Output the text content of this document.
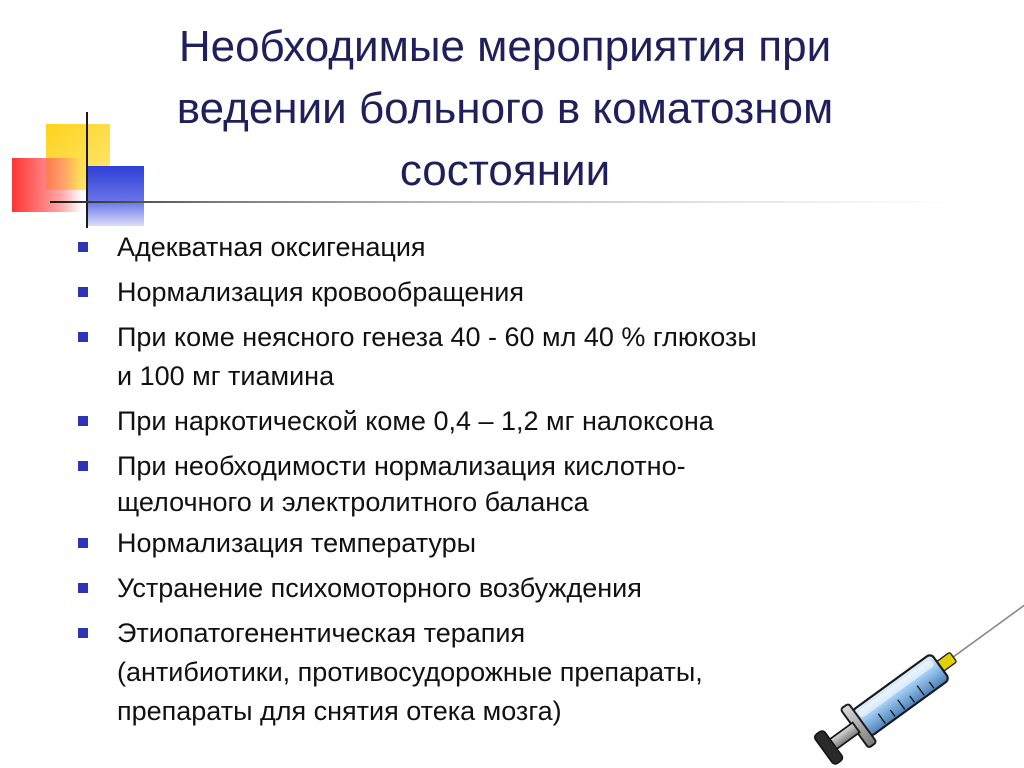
Необходимые мероприятия при
ведении больного в коматозном
состоянии
Адекватная оксигенация
Нормализация кровообращения
При коме неясного генеза 40 - 60 мл 40 % глюкозы
и 100 мг тиамина
При наркотической коме 0,4 – 1,2 мг налоксона
При необходимости нормализация кислотно-
щелочного и электролитного баланса
Нормализация температуры
Устранение психомоторного возбуждения
Этиопатогенентическая терапия
(антибиотики, противосудорожные препараты,
препараты для снятия отека мозга)
